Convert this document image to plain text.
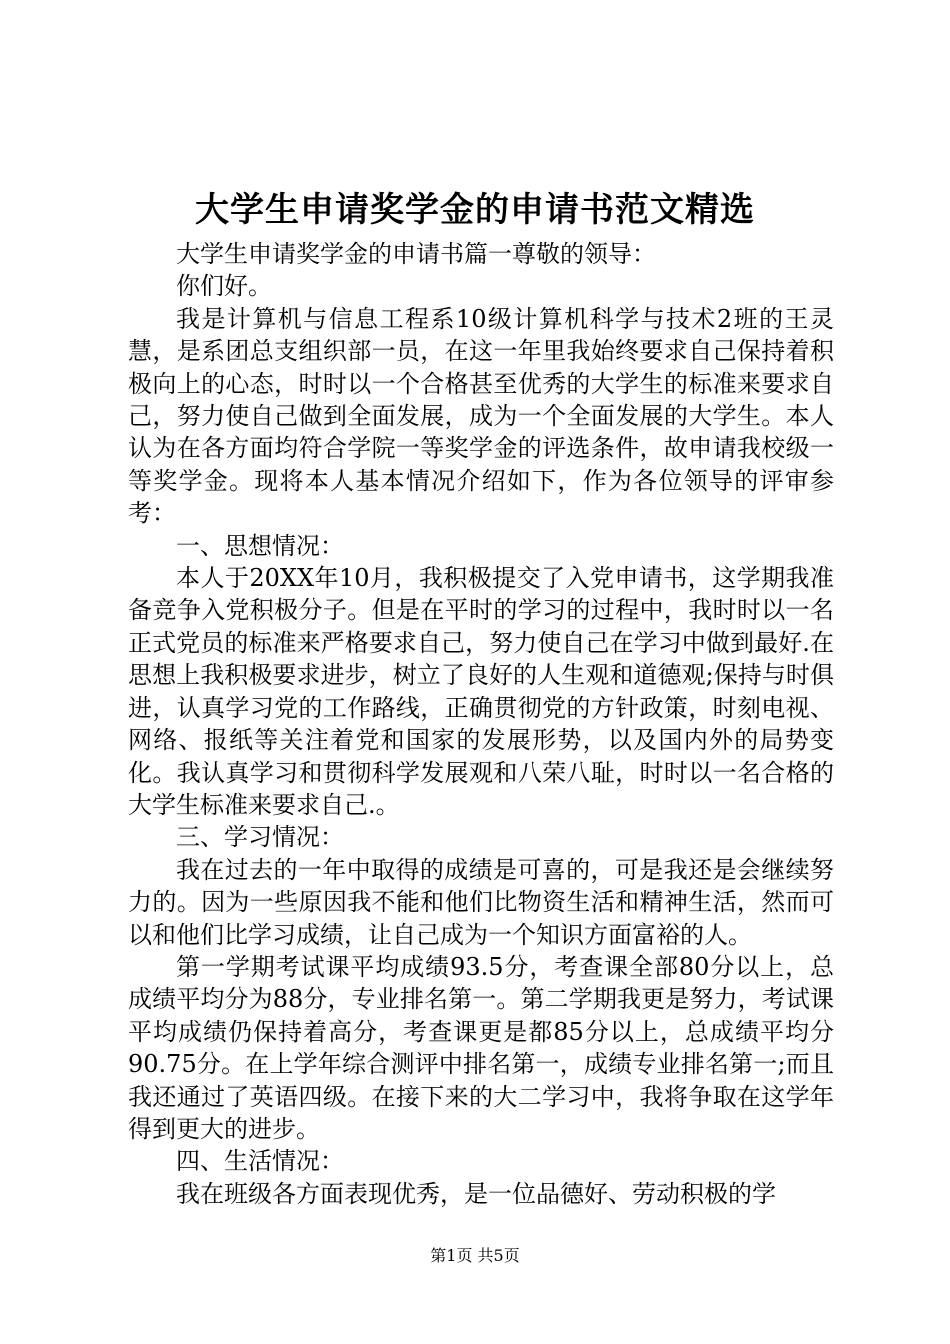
大学生申请奖学金的申请书范文精选

大学生申请奖学金的申请书篇一尊敬的领导：

你们好。

我是计算机与信息工程系10级计算机科学与技术2班的王灵慧，是系团总支组织部一员，在这一年里我始终要求自己保持着积极向上的心态，时时以一个合格甚至优秀的大学生的标准来要求自己，努力使自己做到全面发展，成为一个全面发展的大学生。本人认为在各方面均符合学院一等奖学金的评选条件，故申请我校级一等奖学金。现将本人基本情况介绍如下，作为各位领导的评审参考：

一、思想情况：

本人于20XX年10月，我积极提交了入党申请书，这学期我准备竞争入党积极分子。但是在平时的学习的过程中，我时时以一名正式党员的标准来严格要求自己，努力使自己在学习中做到最好.在思想上我积极要求进步，树立了良好的人生观和道德观;保持与时俱进，认真学习党的工作路线，正确贯彻党的方针政策，时刻电视、网络、报纸等关注着党和国家的发展形势，以及国内外的局势变化。我认真学习和贯彻科学发展观和八荣八耻，时时以一名合格的大学生标准来要求自己.。

三、学习情况：

我在过去的一年中取得的成绩是可喜的，可是我还是会继续努力的。因为一些原因我不能和他们比物资生活和精神生活，然而可以和他们比学习成绩，让自己成为一个知识方面富裕的人。

第一学期考试课平均成绩93.5分，考查课全部80分以上，总成绩平均分为88分，专业排名第一。第二学期我更是努力，考试课平均成绩仍保持着高分，考查课更是都85分以上，总成绩平均分90.75分。在上学年综合测评中排名第一，成绩专业排名第一;而且我还通过了英语四级。在接下来的大二学习中，我将争取在这学年得到更大的进步。

四、生活情况：

我在班级各方面表现优秀，是一位品德好、劳动积极的学

第1页 共5页
